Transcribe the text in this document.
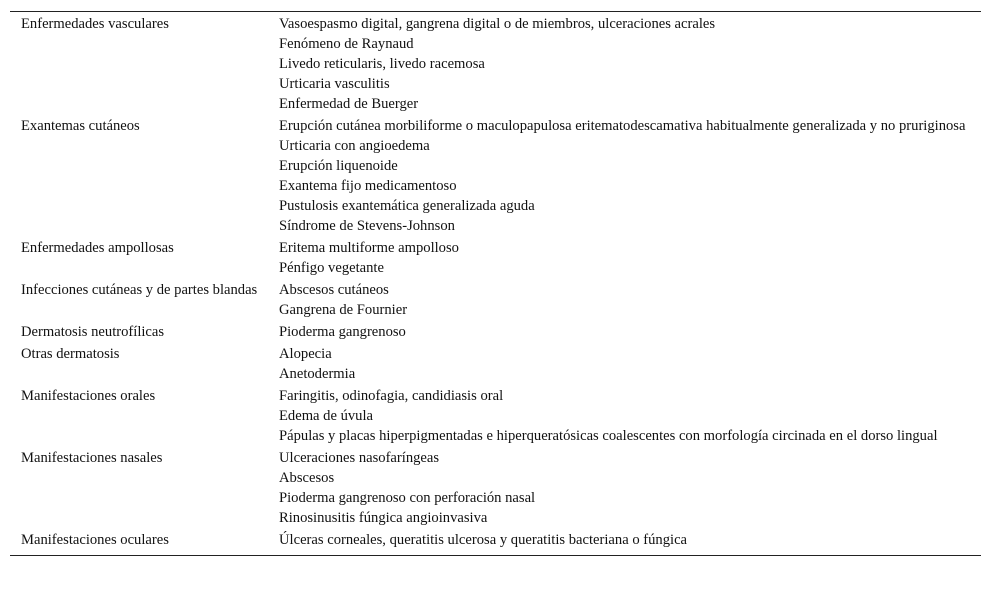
Enfermedades vasculares	Vasoespasmo digital, gangrena digital o de miembros, ulceraciones acrales
Fenómeno de Raynaud
Livedo reticularis, livedo racemosa
Urticaria vasculitis
Enfermedad de Buerger
Exantemas cutáneos	Erupción cutánea morbiliforme o maculopapulosa eritematodescamativa habitualmente generalizada y no pruriginosa
Urticaria con angioedema
Erupción liquenoide
Exantema fijo medicamentoso
Pustulosis exantemática generalizada aguda
Síndrome de Stevens-Johnson
Enfermedades ampollosas	Eritema multiforme ampolloso
Pénfigo vegetante
Infecciones cutáneas y de partes blandas	Abscesos cutáneos
Gangrena de Fournier
Dermatosis neutrofílicas	Pioderma gangrenoso
Otras dermatosis	Alopecia
Anetodermia
Manifestaciones orales	Faringitis, odinofagia, candidiasis oral
Edema de úvula
Pápulas y placas hiperpigmentadas e hiperqueratósicas coalescentes con morfología circinada en el dorso lingual
Manifestaciones nasales	Ulceraciones nasofaríngeas
Abscesos
Pioderma gangrenoso con perforación nasal
Rinosinusitis fúngica angioinvasiva
Manifestaciones oculares	Úlceras corneales, queratitis ulcerosa y queratitis bacteriana o fúngica
